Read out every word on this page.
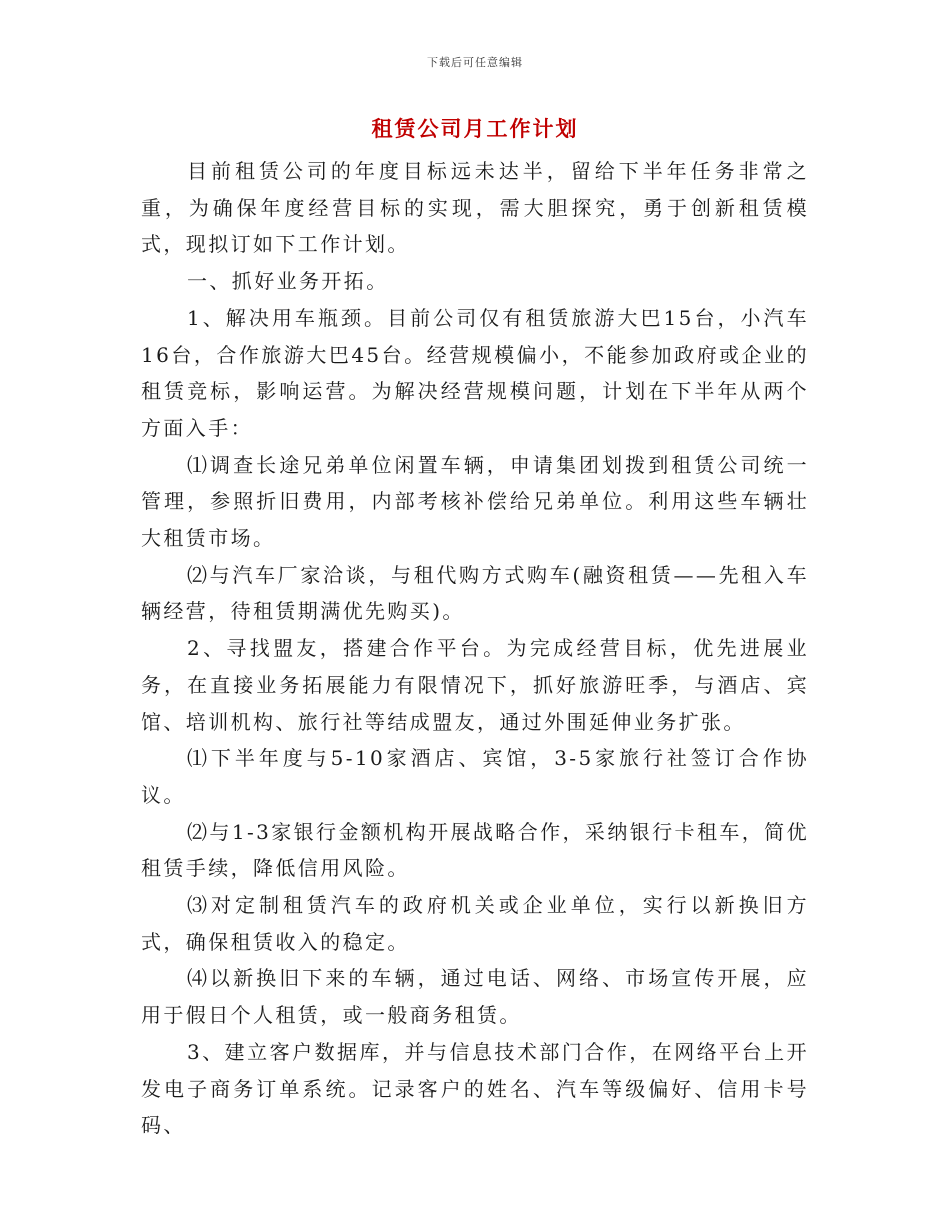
下载后可任意编辑
租赁公司月工作计划

目前租赁公司的年度目标远未达半，留给下半年任务非常之重，为确保年度经营目标的实现，需大胆探究，勇于创新租赁模式，现拟订如下工作计划。

一、抓好业务开拓。

1、解决用车瓶颈。目前公司仅有租赁旅游大巴15台，小汽车16台，合作旅游大巴45台。经营规模偏小，不能参加政府或企业的租赁竞标，影响运营。为解决经营规模问题，计划在下半年从两个方面入手：

⑴调查长途兄弟单位闲置车辆，申请集团划拨到租赁公司统一管理，参照折旧费用，内部考核补偿给兄弟单位。利用这些车辆壮大租赁市场。

⑵与汽车厂家洽谈，与租代购方式购车(融资租赁——先租入车辆经营，待租赁期满优先购买)。

2、寻找盟友，搭建合作平台。为完成经营目标，优先进展业务，在直接业务拓展能力有限情况下，抓好旅游旺季，与酒店、宾馆、培训机构、旅行社等结成盟友，通过外围延伸业务扩张。

⑴下半年度与5-10家酒店、宾馆，3-5家旅行社签订合作协议。

⑵与1-3家银行金额机构开展战略合作，采纳银行卡租车，简优租赁手续，降低信用风险。

⑶对定制租赁汽车的政府机关或企业单位，实行以新换旧方式，确保租赁收入的稳定。

⑷以新换旧下来的车辆，通过电话、网络、市场宣传开展，应用于假日个人租赁，或一般商务租赁。

3、建立客户数据库，并与信息技术部门合作，在网络平台上开发电子商务订单系统。记录客户的姓名、汽车等级偏好、信用卡号码、
